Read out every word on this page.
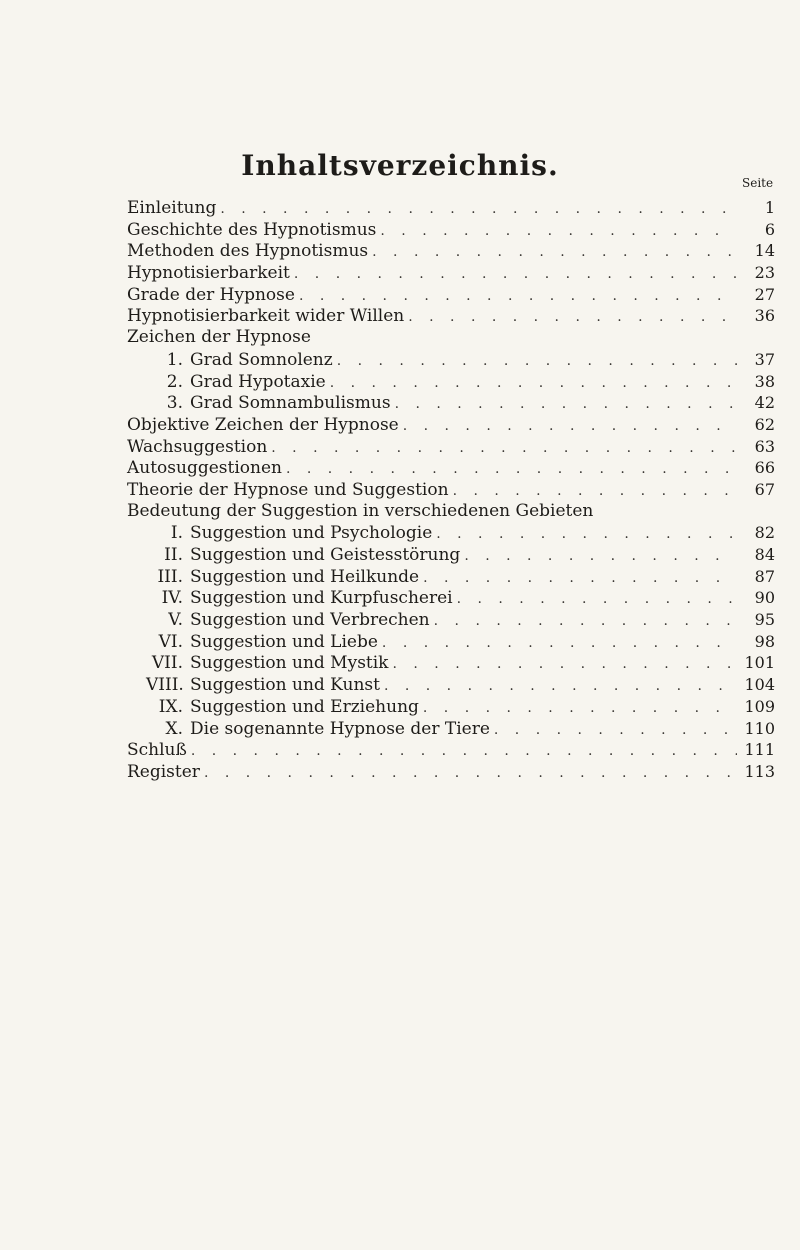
Inhaltsverzeichnis.
Seite
Einleitung . . .	1
Geschichte des Hypnotismus . . .	6
Methoden des Hypnotismus . . .	14
Hypnotisierbarkeit . . .	23
Grade der Hypnose . . .	27
Hypnotisierbarkeit wider Willen . . .	36
Zeichen der Hypnose
1. Grad Somnolenz . . .	37
2. Grad Hypotaxie . . .	38
3. Grad Somnambulismus . . .	42
Objektive Zeichen der Hypnose . . .	62
Wachsuggestion . . .	63
Autosuggestionen . . .	66
Theorie der Hypnose und Suggestion . . .	67
Bedeutung der Suggestion in verschiedenen Gebieten
I. Suggestion und Psychologie . . .	82
II. Suggestion und Geistesstörung . . .	84
III. Suggestion und Heilkunde . . .	87
IV. Suggestion und Kurpfuscherei . . .	90
V. Suggestion und Verbrechen . . .	95
VI. Suggestion und Liebe . . .	98
VII. Suggestion und Mystik . . .	101
VIII. Suggestion und Kunst . . .	104
IX. Suggestion und Erziehung . . .	109
X. Die sogenannte Hypnose der Tiere . . .	110
Schluß . . .	111
Register . . .	113
